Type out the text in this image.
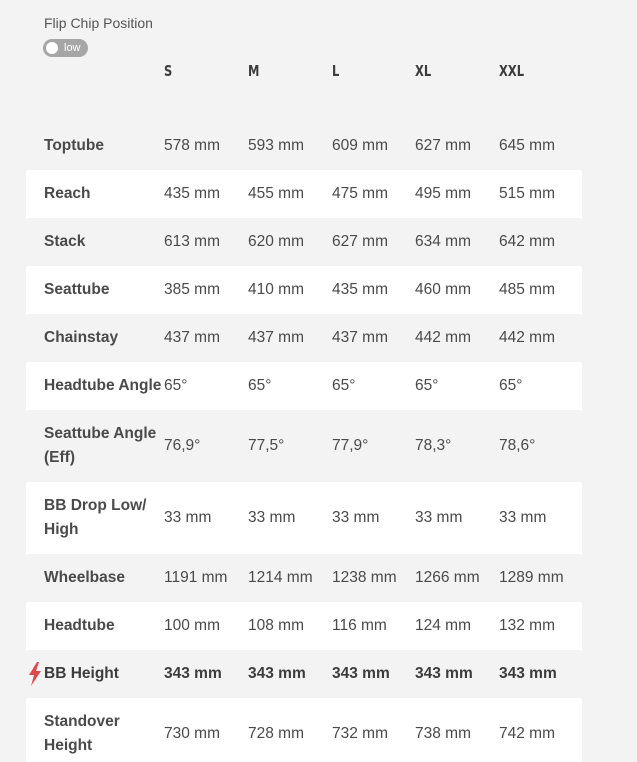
Flip Chip Position
low
S	M	L	XL	XXL
Toptube	578 mm	593 mm	609 mm	627 mm	645 mm
Reach	435 mm	455 mm	475 mm	495 mm	515 mm
Stack	613 mm	620 mm	627 mm	634 mm	642 mm
Seattube	385 mm	410 mm	435 mm	460 mm	485 mm
Chainstay	437 mm	437 mm	437 mm	442 mm	442 mm
Headtube Angle	65°	65°	65°	65°	65°
Seattube Angle (Eff)	76,9°	77,5°	77,9°	78,3°	78,6°
BB Drop Low/ High	33 mm	33 mm	33 mm	33 mm	33 mm
Wheelbase	1191 mm	1214 mm	1238 mm	1266 mm	1289 mm
Headtube	100 mm	108 mm	116 mm	124 mm	132 mm

BB Height	343 mm	343 mm	343 mm	343 mm	343 mm
Standover Height	730 mm	728 mm	732 mm	738 mm	742 mm
